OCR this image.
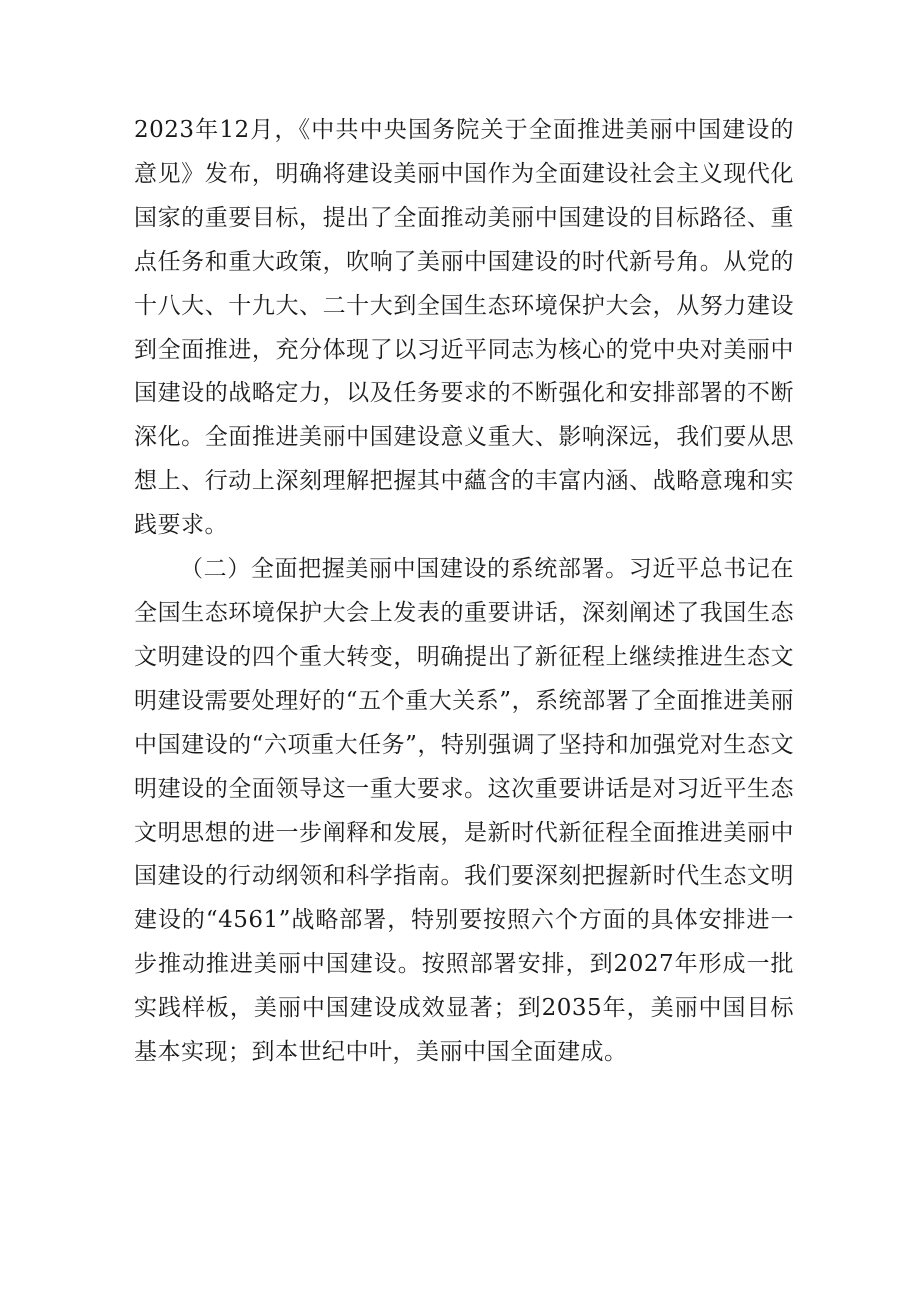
2023年12月，《中共中央国务院关于全面推进美丽中国建设的意见》发布，明确将建设美丽中国作为全面建设社会主义现代化国家的重要目标，提出了全面推动美丽中国建设的目标路径、重点任务和重大政策，吹响了美丽中国建设的时代新号角。从党的十八大、十九大、二十大到全国生态环境保护大会，从努力建设到全面推进，充分体现了以习近平同志为核心的党中央对美丽中国建设的战略定力，以及任务要求的不断强化和安排部署的不断深化。全面推进美丽中国建设意义重大、影响深远，我们要从思想上、行动上深刻理解把握其中蘊含的丰富内涵、战略意瑰和实践要求。

（二）全面把握美丽中国建设的系统部署。习近平总书记在全国生态环境保护大会上发表的重要讲话，深刻阐述了我国生态文明建设的四个重大转变，明确提出了新征程上继续推进生态文明建设需要处理好的“五个重大关系”，系统部署了全面推进美丽中国建设的“六项重大任务”，特别强调了坚持和加强党对生态文明建设的全面领导这一重大要求。这次重要讲话是对习近平生态文明思想的进一步阐释和发展，是新时代新征程全面推进美丽中国建设的行动纲领和科学指南。我们要深刻把握新时代生态文明建设的“4561”战略部署，特别要按照六个方面的具体安排进一步推动推进美丽中国建设。按照部署安排，到2027年形成一批实践样板，美丽中国建设成效显著；到2035年，美丽中国目标基本实现；到本世纪中叶，美丽中国全面建成。
